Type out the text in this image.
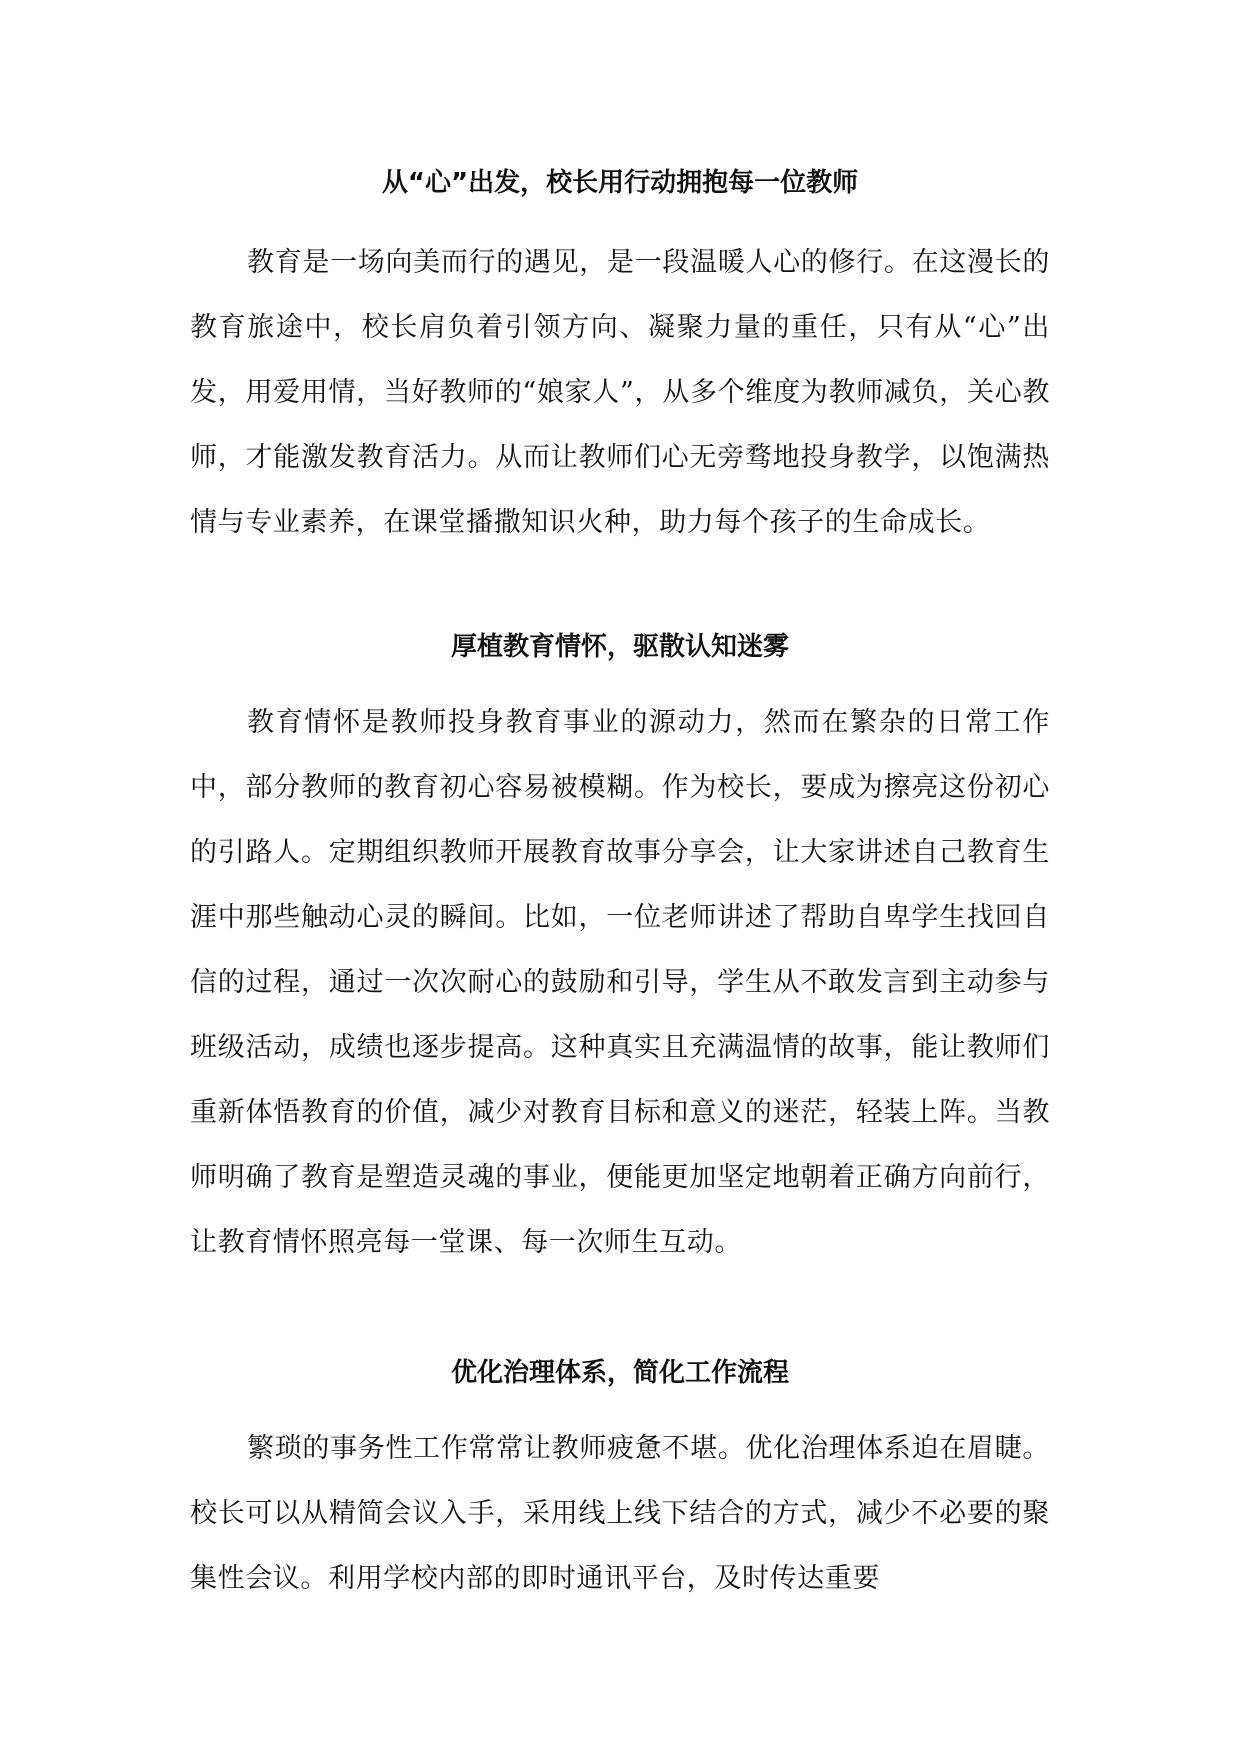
从“心”出发，校长用行动拥抱每一位教师

教育是一场向美而行的遇见，是一段温暖人心的修行。在这漫长的教育旅途中，校长肩负着引领方向、凝聚力量的重任，只有从“心”出发，用爱用情，当好教师的“娘家人”，从多个维度为教师减负，关心教师，才能激发教育活力。从而让教师们心无旁骛地投身教学，以饱满热情与专业素养，在课堂播撒知识火种，助力每个孩子的生命成长。

厚植教育情怀，驱散认知迷雾

教育情怀是教师投身教育事业的源动力，然而在繁杂的日常工作中，部分教师的教育初心容易被模糊。作为校长，要成为擦亮这份初心的引路人。定期组织教师开展教育故事分享会，让大家讲述自己教育生涯中那些触动心灵的瞬间。比如，一位老师讲述了帮助自卑学生找回自信的过程，通过一次次耐心的鼓励和引导，学生从不敢发言到主动参与班级活动，成绩也逐步提高。这种真实且充满温情的故事，能让教师们重新体悟教育的价值，减少对教育目标和意义的迷茫，轻装上阵。当教师明确了教育是塑造灵魂的事业，便能更加坚定地朝着正确方向前行，让教育情怀照亮每一堂课、每一次师生互动。

优化治理体系，简化工作流程

繁琐的事务性工作常常让教师疲惫不堪。优化治理体系迫在眉睫。校长可以从精简会议入手，采用线上线下结合的方式，减少不必要的聚集性会议。利用学校内部的即时通讯平台，及时传达重要
